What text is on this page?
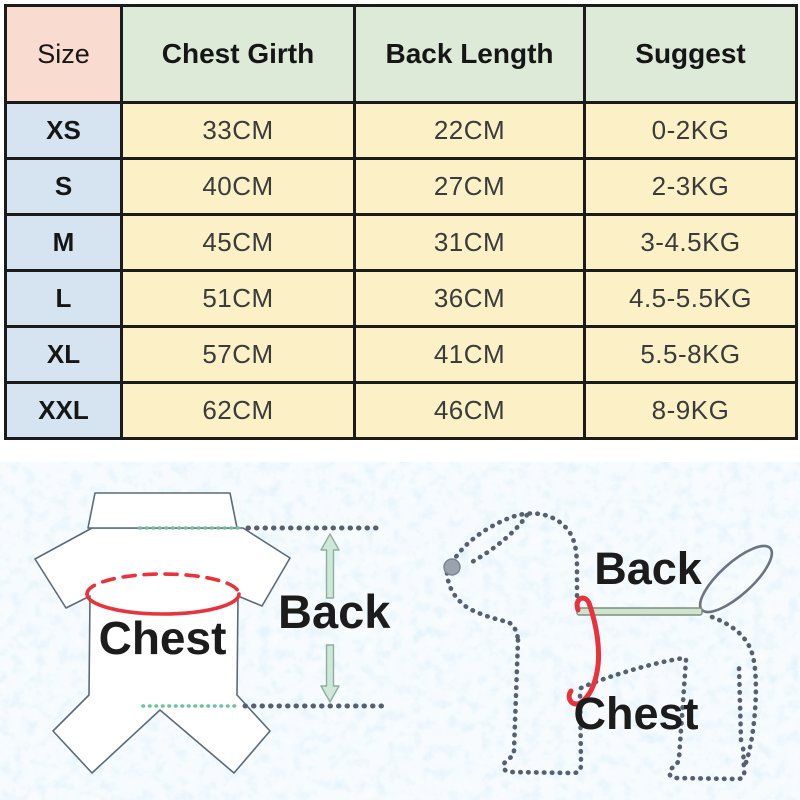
Size	Chest Girth	Back Length	Suggest
XS	33CM	22CM	0-2KG
S	40CM	27CM	2-3KG
M	45CM	31CM	3-4.5KG
L	51CM	36CM	4.5-5.5KG
XL	57CM	41CM	5.5-8KG
XXL	62CM	46CM	8-9KG
Chest Back
Back
Chest
